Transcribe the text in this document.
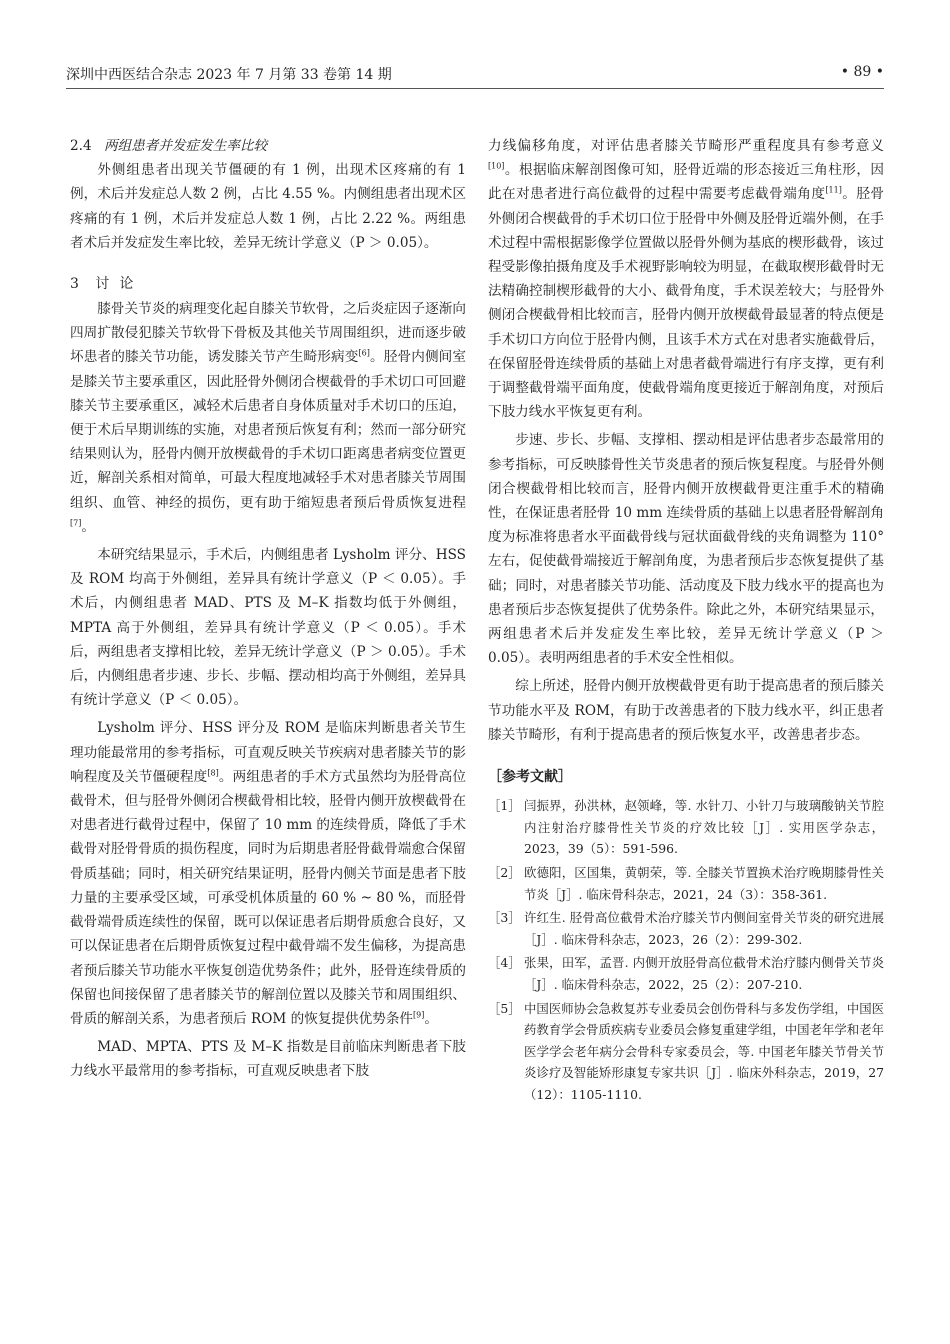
深圳中西医结合杂志 2023 年 7 月第 33 卷第 14 期	• 89 •
2.4 两组患者并发症发生率比较

外侧组患者出现关节僵硬的有 1 例，出现术区疼痛的有 1 例，术后并发症总人数 2 例，占比 4.55 %。内侧组患者出现术区疼痛的有 1 例，术后并发症总人数 1 例，占比 2.22 %。两组患者术后并发症发生率比较，差异无统计学意义（P ＞ 0.05）。

3 讨论

膝骨关节炎的病理变化起自膝关节软骨，之后炎症因子逐渐向四周扩散侵犯膝关节软骨下骨板及其他关节周围组织，进而逐步破坏患者的膝关节功能，诱发膝关节产生畸形病变[6]。胫骨内侧间室是膝关节主要承重区，因此胫骨外侧闭合楔截骨的手术切口可回避膝关节主要承重区，减轻术后患者自身体质量对手术切口的压迫，便于术后早期训练的实施，对患者预后恢复有利；然而一部分研究结果则认为，胫骨内侧开放楔截骨的手术切口距离患者病变位置更近，解剖关系相对简单，可最大程度地减轻手术对患者膝关节周围组织、血管、神经的损伤，更有助于缩短患者预后骨质恢复进程[7]。

本研究结果显示，手术后，内侧组患者 Lysholm 评分、HSS 及 ROM 均高于外侧组，差异具有统计学意义（P ＜ 0.05）。手术后，内侧组患者 MAD、PTS 及 M–K 指数均低于外侧组，MPTA 高于外侧组，差异具有统计学意义（P ＜ 0.05）。手术后，两组患者支撑相比较，差异无统计学意义（P ＞ 0.05）。手术后，内侧组患者步速、步长、步幅、摆动相均高于外侧组，差异具有统计学意义（P ＜ 0.05）。

Lysholm 评分、HSS 评分及 ROM 是临床判断患者关节生理功能最常用的参考指标，可直观反映关节疾病对患者膝关节的影响程度及关节僵硬程度[8]。两组患者的手术方式虽然均为胫骨高位截骨术，但与胫骨外侧闭合楔截骨相比较，胫骨内侧开放楔截骨在对患者进行截骨过程中，保留了 10 mm 的连续骨质，降低了手术截骨对胫骨骨质的损伤程度，同时为后期患者胫骨截骨端愈合保留骨质基础；同时，相关研究结果证明，胫骨内侧关节面是患者下肢力量的主要承受区域，可承受机体质量的 60 % ~ 80 %，而胫骨截骨端骨质连续性的保留，既可以保证患者后期骨质愈合良好，又可以保证患者在后期骨质恢复过程中截骨端不发生偏移，为提高患者预后膝关节功能水平恢复创造优势条件；此外，胫骨连续骨质的保留也间接保留了患者膝关节的解剖位置以及膝关节和周围组织、骨质的解剖关系，为患者预后 ROM 的恢复提供优势条件[9]。

MAD、MPTA、PTS 及 M–K 指数是目前临床判断患者下肢力线水平最常用的参考指标，可直观反映患者下肢

力线偏移角度，对评估患者膝关节畸形严重程度具有参考意义[10]。根据临床解剖图像可知，胫骨近端的形态接近三角柱形，因此在对患者进行高位截骨的过程中需要考虑截骨端角度[11]。胫骨外侧闭合楔截骨的手术切口位于胫骨中外侧及胫骨近端外侧，在手术过程中需根据影像学位置做以胫骨外侧为基底的楔形截骨，该过程受影像拍摄角度及手术视野影响较为明显，在截取楔形截骨时无法精确控制楔形截骨的大小、截骨角度，手术误差较大；与胫骨外侧闭合楔截骨相比较而言，胫骨内侧开放楔截骨最显著的特点便是手术切口方向位于胫骨内侧，且该手术方式在对患者实施截骨后，在保留胫骨连续骨质的基础上对患者截骨端进行有序支撑，更有利于调整截骨端平面角度，使截骨端角度更接近于解剖角度，对预后下肢力线水平恢复更有利。

步速、步长、步幅、支撑相、摆动相是评估患者步态最常用的参考指标，可反映膝骨性关节炎患者的预后恢复程度。与胫骨外侧闭合楔截骨相比较而言，胫骨内侧开放楔截骨更注重手术的精确性，在保证患者胫骨 10 mm 连续骨质的基础上以患者胫骨解剖角度为标准将患者水平面截骨线与冠状面截骨线的夹角调整为 110° 左右，促使截骨端接近于解剖角度，为患者预后步态恢复提供了基础；同时，对患者膝关节功能、活动度及下肢力线水平的提高也为患者预后步态恢复提供了优势条件。除此之外，本研究结果显示，两组患者术后并发症发生率比较，差异无统计学意义（P ＞ 0.05）。表明两组患者的手术安全性相似。

综上所述，胫骨内侧开放楔截骨更有助于提高患者的预后膝关节功能水平及 ROM，有助于改善患者的下肢力线水平，纠正患者膝关节畸形，有利于提高患者的预后恢复水平，改善患者步态。

［参考文献］
［1］ 闫振界，孙洪林，赵领峰，等. 水针刀、小针刀与玻璃酸钠关节腔内注射治疗膝骨性关节炎的疗效比较［J］. 实用医学杂志，2023，39（5）：591-596.
［2］ 欧德阳，区国集，黄朝荣，等. 全膝关节置换术治疗晚期膝骨性关节炎［J］. 临床骨科杂志，2021，24（3）：358-361.
［3］ 许红生. 胫骨高位截骨术治疗膝关节内侧间室骨关节炎的研究进展［J］. 临床骨科杂志，2023，26（2）：299-302.
［4］ 张果，田军，孟晋. 内侧开放胫骨高位截骨术治疗膝内侧骨关节炎［J］. 临床骨科杂志，2022，25（2）：207-210.
［5］ 中国医师协会急救复苏专业委员会创伤骨科与多发伤学组，中国医药教育学会骨质疾病专业委员会修复重建学组，中国老年学和老年医学学会老年病分会骨科专家委员会，等. 中国老年膝关节骨关节炎诊疗及智能矫形康复专家共识［J］. 临床外科杂志，2019，27（12）：1105-1110.
